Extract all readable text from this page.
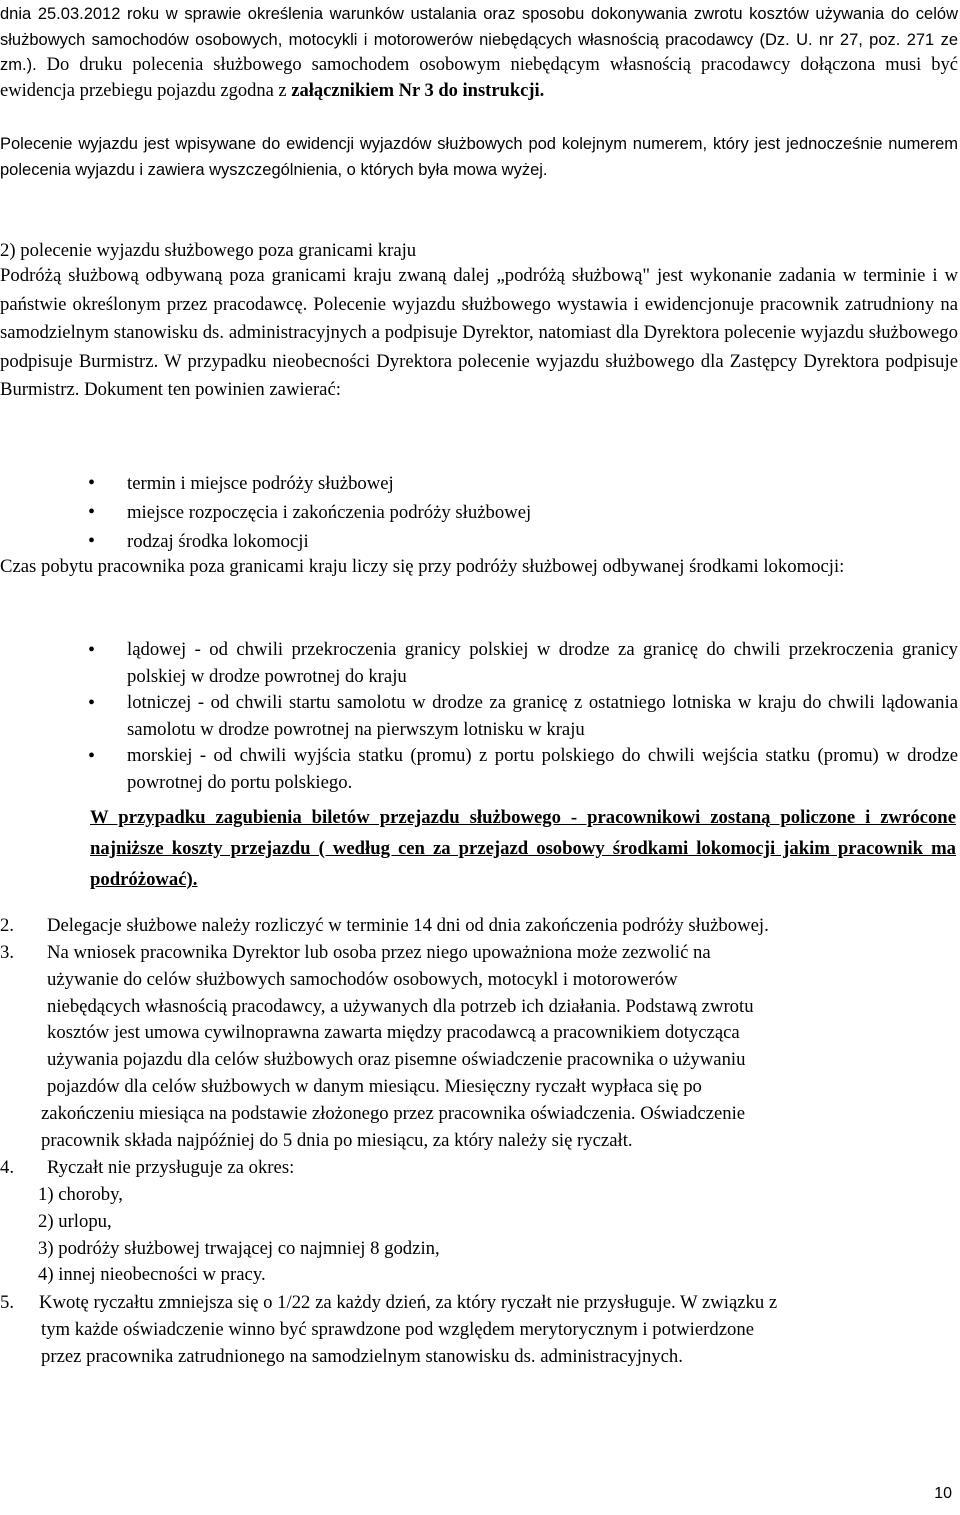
dnia 25.03.2012 roku w sprawie określenia warunków ustalania oraz sposobu dokonywania zwrotu kosztów używania do celów służbowych samochodów osobowych, motocykli i motorowerów niebędących własnością pracodawcy (Dz. U. nr 27, poz. 271 ze zm.). Do druku polecenia służbowego samochodem osobowym niebędącym własnością pracodawcy dołączona musi być ewidencja przebiegu pojazdu zgodna z załącznikiem Nr 3 do instrukcji.

Polecenie wyjazdu jest wpisywane do ewidencji wyjazdów służbowych pod kolejnym numerem, który jest jednocześnie numerem polecenia wyjazdu i zawiera wyszczególnienia, o których była mowa wyżej.

2) polecenie wyjazdu służbowego poza granicami kraju

Podróżą służbową odbywaną poza granicami kraju zwaną dalej „podróżą służbową" jest wykonanie zadania w terminie i w państwie określonym przez pracodawcę. Polecenie wyjazdu służbowego wystawia i ewidencjonuje pracownik zatrudniony na samodzielnym stanowisku ds. administracyjnych a podpisuje Dyrektor, natomiast dla Dyrektora polecenie wyjazdu służbowego podpisuje Burmistrz. W przypadku nieobecności Dyrektora polecenie wyjazdu służbowego dla Zastępcy Dyrektora podpisuje Burmistrz. Dokument ten powinien zawierać:

• termin i miejsce podróży służbowej
• miejsce rozpoczęcia i zakończenia podróży służbowej
• rodzaj środka lokomocji

Czas pobytu pracownika poza granicami kraju liczy się przy podróży służbowej odbywanej środkami lokomocji:

• lądowej - od chwili przekroczenia granicy polskiej w drodze za granicę do chwili przekroczenia granicy polskiej w drodze powrotnej do kraju
• lotniczej - od chwili startu samolotu w drodze za granicę z ostatniego lotniska w kraju do chwili lądowania samolotu w drodze powrotnej na pierwszym lotnisku w kraju
• morskiej - od chwili wyjścia statku (promu) z portu polskiego do chwili wejścia statku (promu) w drodze powrotnej do portu polskiego.

W przypadku zagubienia biletów przejazdu służbowego - pracownikowi zostaną policzone i zwrócone najniższe koszty przejazdu ( według cen za przejazd osobowy środkami lokomocji jakim pracownik ma podróżować).

2. Delegacje służbowe należy rozliczyć w terminie 14 dni od dnia zakończenia podróży służbowej.
3. Na wniosek pracownika Dyrektor lub osoba przez niego upoważniona może zezwolić na
używanie do celów służbowych samochodów osobowych, motocykl i motorowerów
niebędących własnością pracodawcy, a używanych dla potrzeb ich działania. Podstawą zwrotu
kosztów jest umowa cywilnoprawna zawarta między pracodawcą a pracownikiem dotycząca
używania pojazdu dla celów służbowych oraz pisemne oświadczenie pracownika o używaniu
pojazdów dla celów służbowych w danym miesiącu. Miesięczny ryczałt wypłaca się po
zakończeniu miesiąca na podstawie złożonego przez pracownika oświadczenia. Oświadczenie
pracownik składa najpóźniej do 5 dnia po miesiącu, za który należy się ryczałt.
4. Ryczałt nie przysługuje za okres:
1) choroby,
2) urlopu,
3) podróży służbowej trwającej co najmniej 8 godzin,
4) innej nieobecności w pracy.
5. Kwotę ryczałtu zmniejsza się o 1/22 za każdy dzień, za który ryczałt nie przysługuje. W związku z
tym każde oświadczenie winno być sprawdzone pod względem merytorycznym i potwierdzone
przez pracownika zatrudnionego na samodzielnym stanowisku ds. administracyjnych.
10
